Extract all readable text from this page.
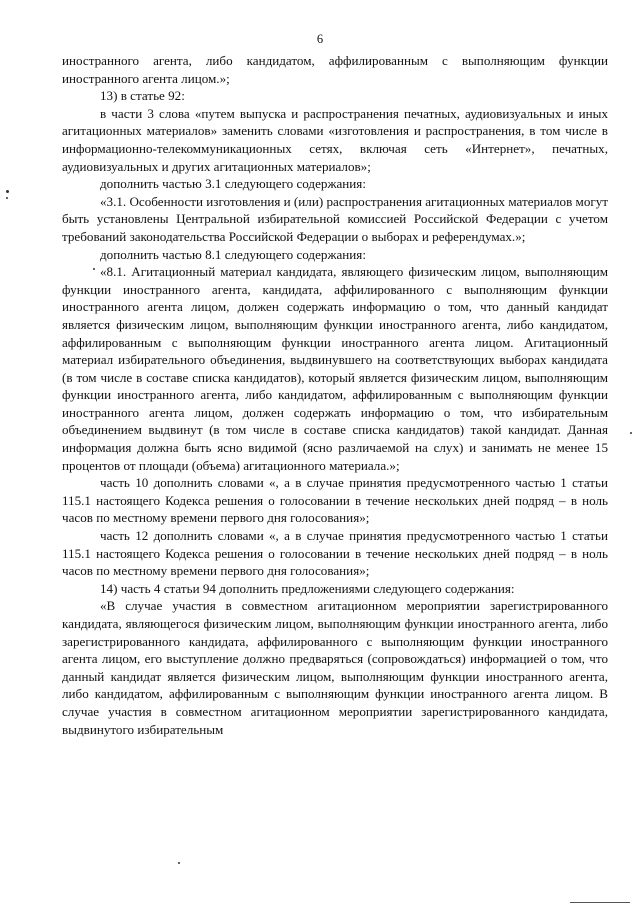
6

иностранного агента, либо кандидатом, аффилированным с выполняющим функции иностранного агента лицом.»;

13) в статье 92:

в части 3 слова «путем выпуска и распространения печатных, аудиовизуальных и иных агитационных материалов» заменить словами «изготовления и распространения, в том числе в информационно-телекоммуникационных сетях, включая сеть «Интернет», печатных, аудиовизуальных и других агитационных материалов»;

дополнить частью 3.1 следующего содержания:

«3.1. Особенности изготовления и (или) распространения агитационных материалов могут быть установлены Центральной избирательной комиссией Российской Федерации с учетом требований законодательства Российской Федерации о выборах и референдумах.»;

дополнить частью 8.1 следующего содержания:

«8.1. Агитационный материал кандидата, являющего физическим лицом, выполняющим функции иностранного агента, кандидата, аффилированного с выполняющим функции иностранного агента лицом, должен содержать информацию о том, что данный кандидат является физическим лицом, выполняющим функции иностранного агента, либо кандидатом, аффилированным с выполняющим функции иностранного агента лицом. Агитационный материал избирательного объединения, выдвинувшего на соответствующих выборах кандидата (в том числе в составе списка кандидатов), который является физическим лицом, выполняющим функции иностранного агента, либо кандидатом, аффилированным с выполняющим функции иностранного агента лицом, должен содержать информацию о том, что избирательным объединением выдвинут (в том числе в составе списка кандидатов) такой кандидат. Данная информация должна быть ясно видимой (ясно различаемой на слух) и занимать не менее 15 процентов от площади (объема) агитационного материала.»;

часть 10 дополнить словами «, а в случае принятия предусмотренного частью 1 статьи 115.1 настоящего Кодекса решения о голосовании в течение нескольких дней подряд – в ноль часов по местному времени первого дня голосования»;

часть 12 дополнить словами «, а в случае принятия предусмотренного частью 1 статьи 115.1 настоящего Кодекса решения о голосовании в течение нескольких дней подряд – в ноль часов по местному времени первого дня голосования»;

14) часть 4 статьи 94 дополнить предложениями следующего содержания:

«В случае участия в совместном агитационном мероприятии зарегистрированного кандидата, являющегося физическим лицом, выполняющим функции иностранного агента, либо зарегистрированного кандидата, аффилированного с выполняющим функции иностранного агента лицом, его выступление должно предваряться (сопровождаться) информацией о том, что данный кандидат является физическим лицом, выполняющим функции иностранного агента, либо кандидатом, аффилированным с выполняющим функции иностранного агента лицом. В случае участия в совместном агитационном мероприятии зарегистрированного кандидата, выдвинутого избирательным
